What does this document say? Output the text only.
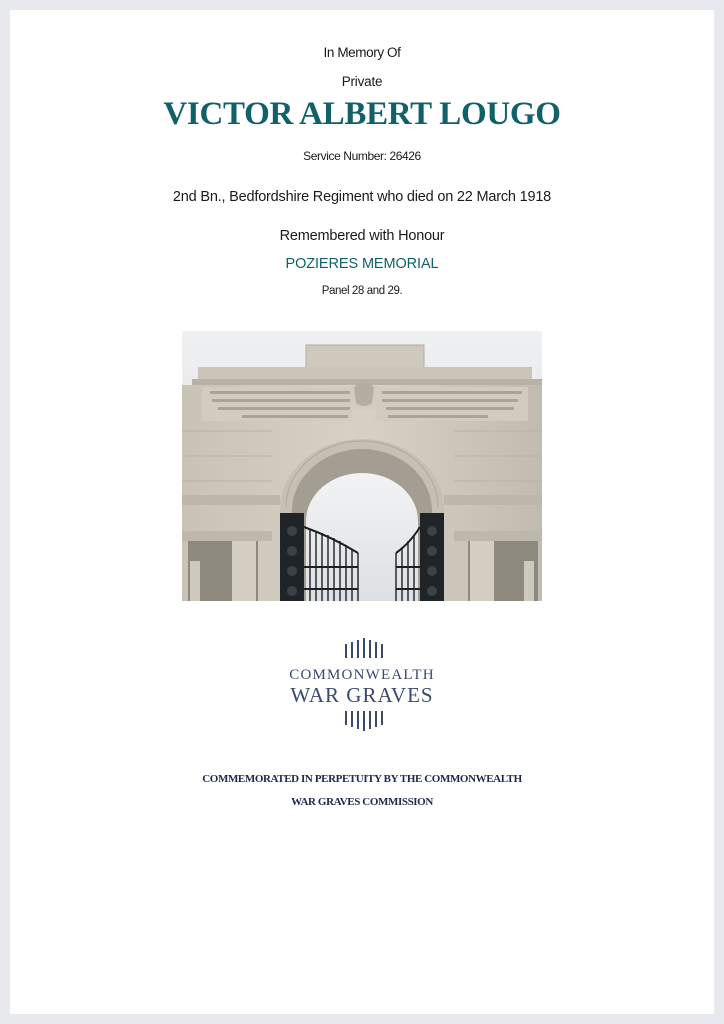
In Memory Of
Private
VICTOR ALBERT LOUGO
Service Number: 26426
2nd Bn., Bedfordshire Regiment who died on 22 March 1918
Remembered with Honour
POZIERES MEMORIAL
Panel 28 and 29.
COMMONWEALTH
WAR GRAVES
COMMEMORATED IN PERPETUITY BY THE COMMONWEALTH
WAR GRAVES COMMISSION
